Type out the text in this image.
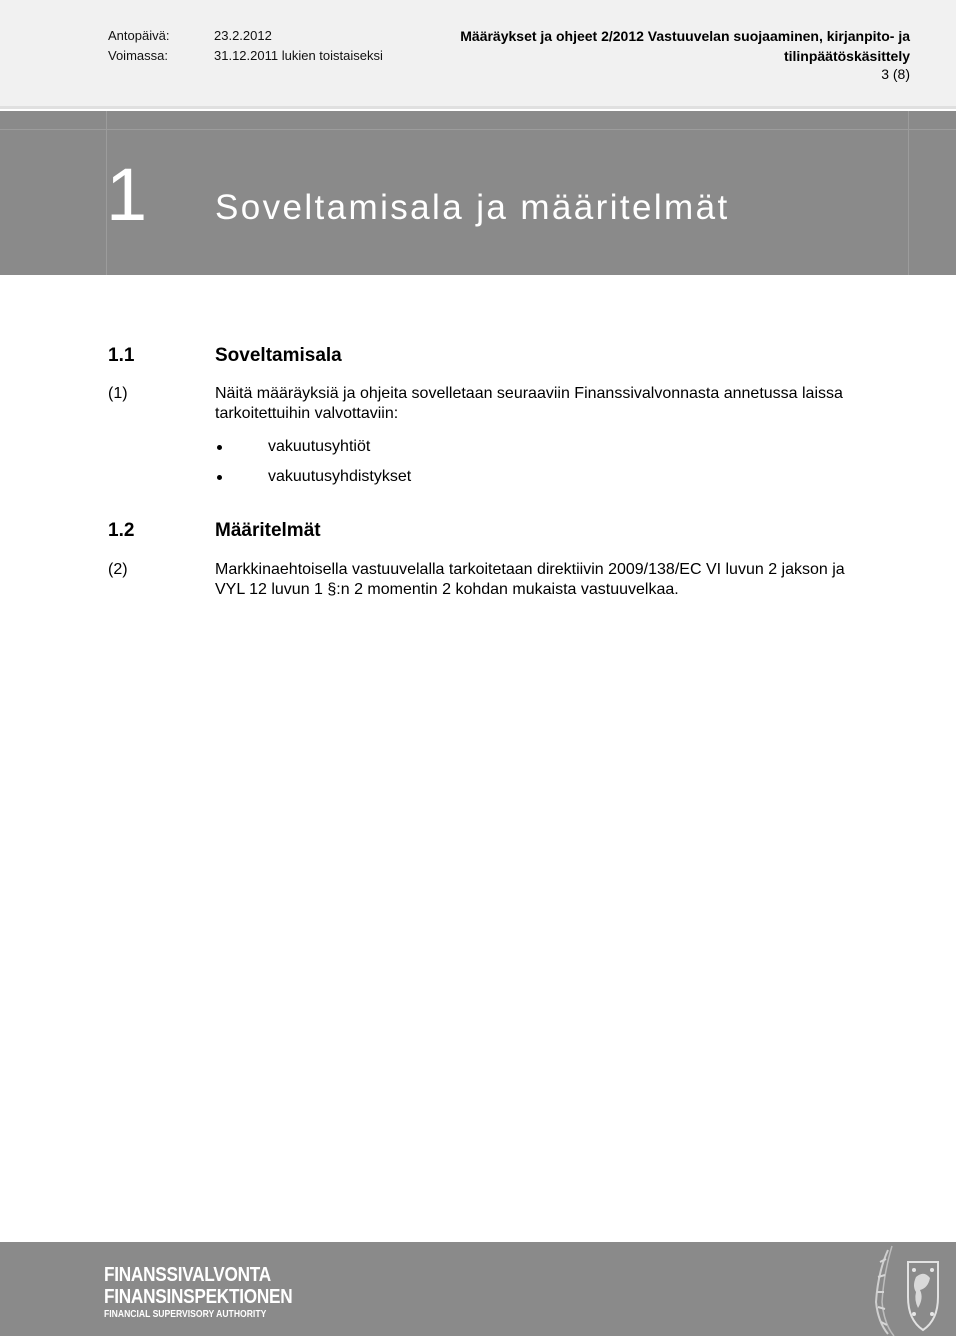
Antopäivä:	23.2.2012
Voimassa:	31.12.2011 lukien toistaiseksi
Määräykset ja ohjeet 2/2012 Vastuuvelan suojaaminen, kirjanpito- ja
tilinpäätöskäsittely
3 (8)
1 Soveltamisala ja määritelmät
1.1	Soveltamisala
(1)	Näitä määräyksiä ja ohjeita sovelletaan seuraaviin Finanssivalvonnasta annetussa laissa
tarkoitettuihin valvottaviin:
vakuutusyhtiöt
vakuutusyhdistykset
1.2	Määritelmät
(2)	Markkinaehtoisella vastuuvelalla tarkoitetaan direktiivin 2009/138/EC VI luvun 2 jakson ja
VYL 12 luvun 1 §:n 2 momentin 2 kohdan mukaista vastuuvelkaa.
FINANSSIVALVONTA
FINANSINSPEKTIONEN
FINANCIAL SUPERVISORY AUTHORITY
